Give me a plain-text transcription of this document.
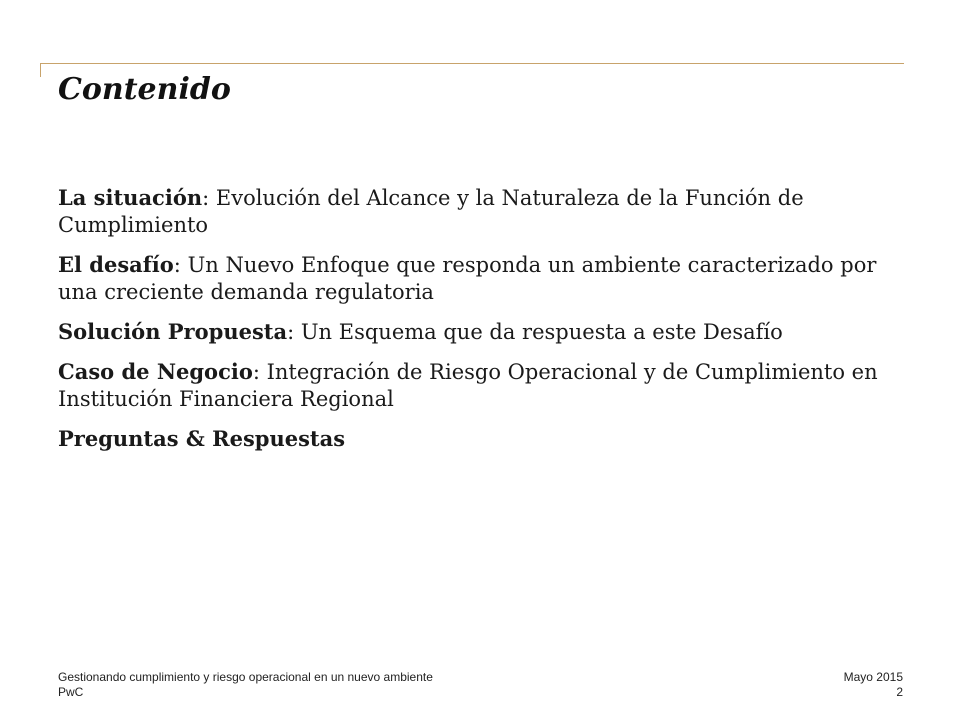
Contenido
La situación: Evolución del Alcance y la Naturaleza de la Función de Cumplimiento
El desafío: Un Nuevo Enfoque que responda un ambiente caracterizado por una creciente demanda regulatoria
Solución Propuesta: Un Esquema que da respuesta a este Desafío
Caso de Negocio: Integración de Riesgo Operacional y de Cumplimiento en Institución Financiera Regional
Preguntas & Respuestas
Gestionando cumplimiento y riesgo operacional en un nuevo ambiente
PwC
Mayo 2015
2
